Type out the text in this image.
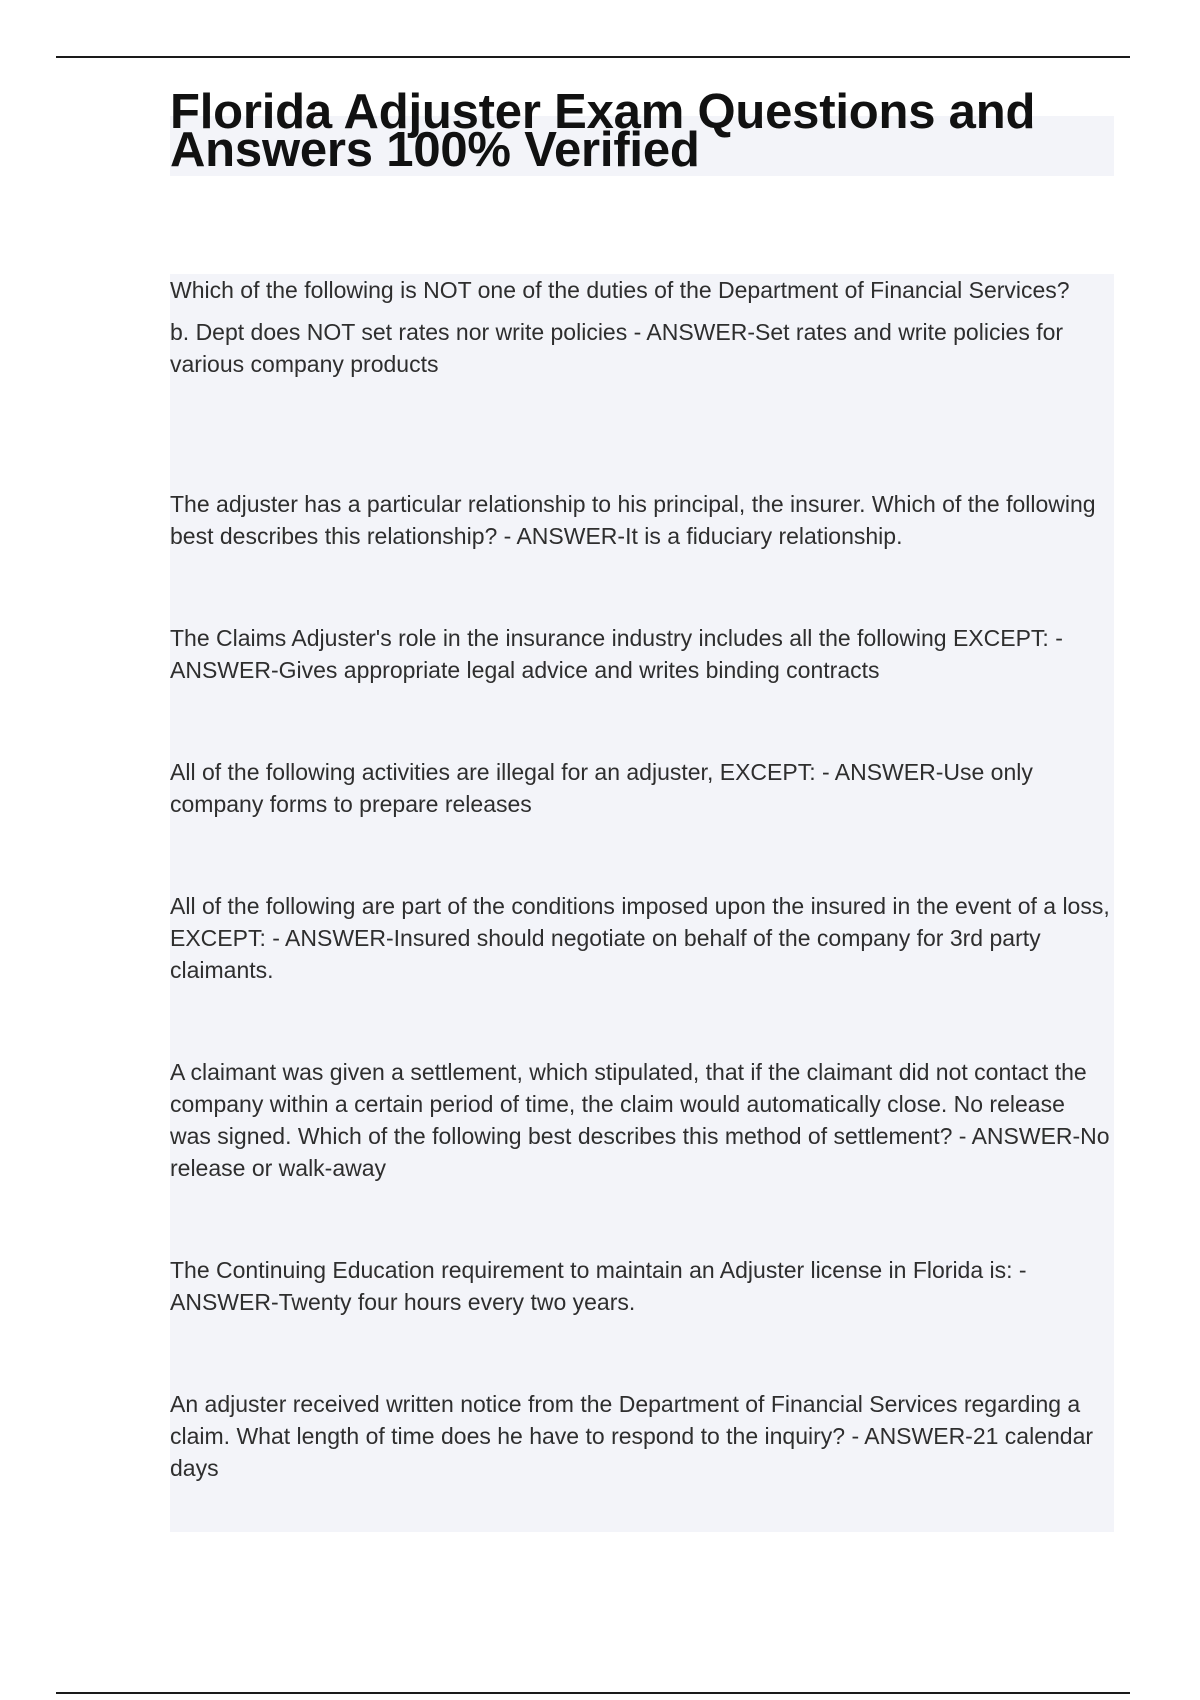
Florida Adjuster Exam Questions and Answers 100% Verified
Which of the following is NOT one of the duties of the Department of Financial Services?
b. Dept does NOT set rates nor write policies - ANSWER-Set rates and write policies for various company products
The adjuster has a particular relationship to his principal, the insurer. Which of the following best describes this relationship? - ANSWER-It is a fiduciary relationship.
The Claims Adjuster's role in the insurance industry includes all the following EXCEPT: - ANSWER-Gives appropriate legal advice and writes binding contracts
All of the following activities are illegal for an adjuster, EXCEPT: - ANSWER-Use only company forms to prepare releases
All of the following are part of the conditions imposed upon the insured in the event of a loss, EXCEPT: - ANSWER-Insured should negotiate on behalf of the company for 3rd party claimants.
A claimant was given a settlement, which stipulated, that if the claimant did not contact the company within a certain period of time, the claim would automatically close. No release was signed. Which of the following best describes this method of settlement? - ANSWER-No release or walk-away
The Continuing Education requirement to maintain an Adjuster license in Florida is: - ANSWER-Twenty four hours every two years.
An adjuster received written notice from the Department of Financial Services regarding a claim. What length of time does he have to respond to the inquiry? - ANSWER-21 calendar days
